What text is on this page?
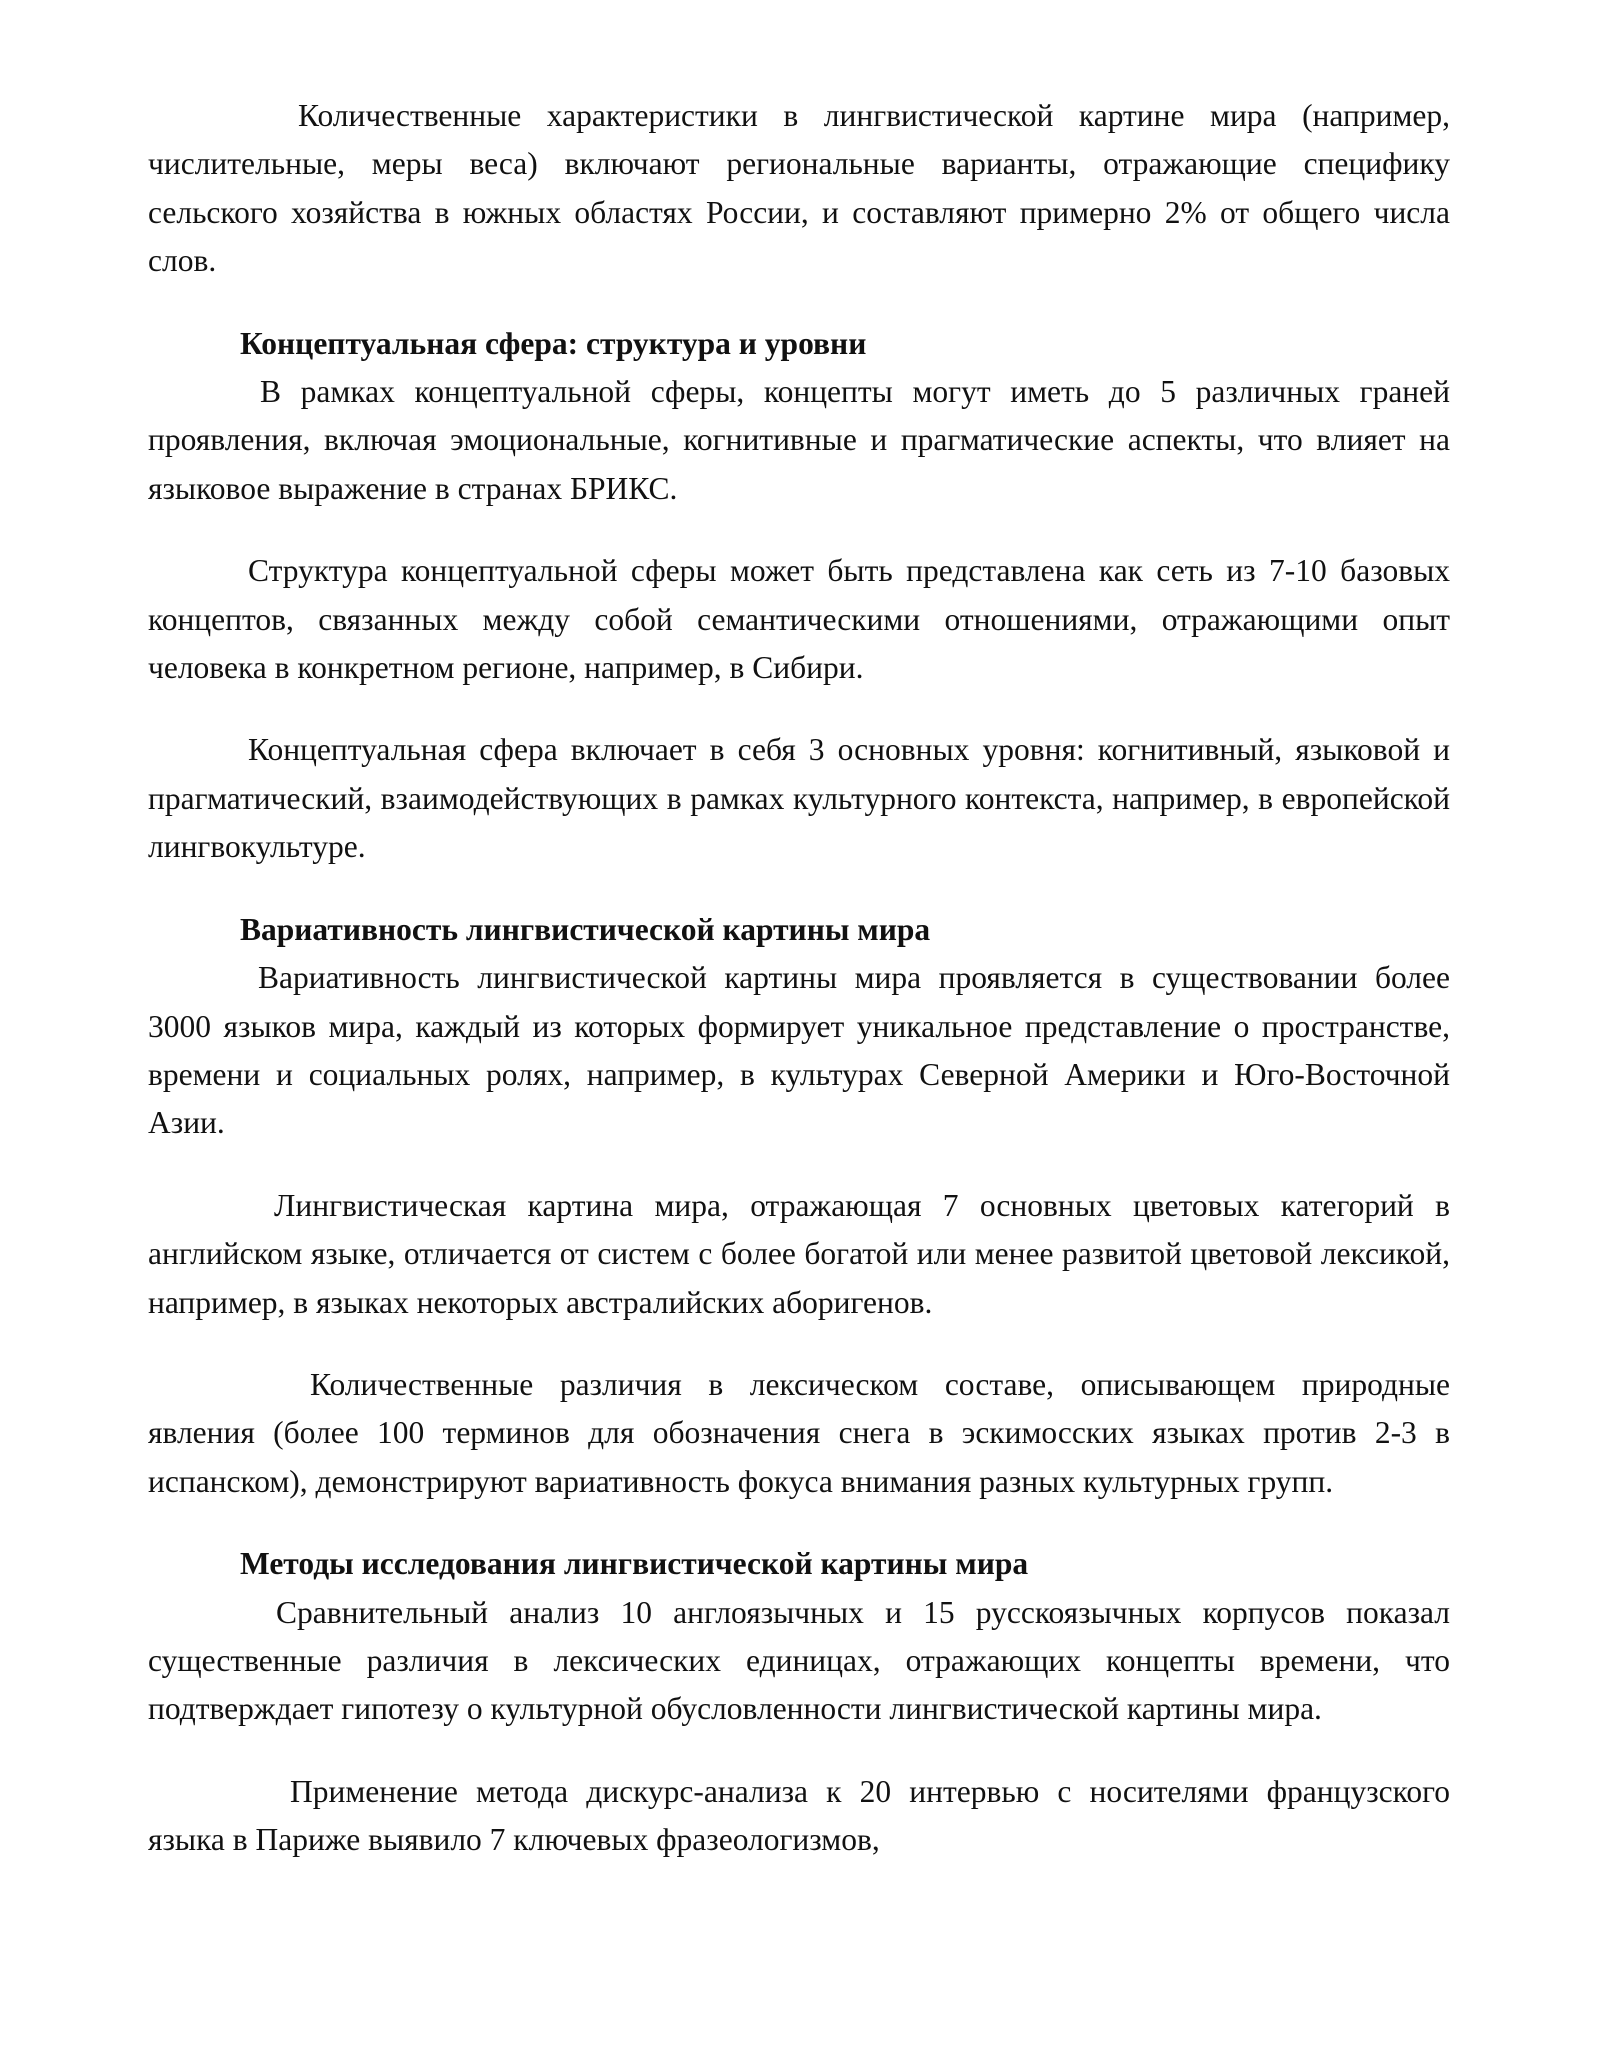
Количественные характеристики в лингвистической картине мира (например, числительные, меры веса) включают региональные варианты, отражающие специфику сельского хозяйства в южных областях России, и составляют примерно 2% от общего числа слов.

Концептуальная сфера: структура и уровни

В рамках концептуальной сферы, концепты могут иметь до 5 различных граней проявления, включая эмоциональные, когнитивные и прагматические аспекты, что влияет на языковое выражение в странах БРИКС.

Структура концептуальной сферы может быть представлена как сеть из 7-10 базовых концептов, связанных между собой семантическими отношениями, отражающими опыт человека в конкретном регионе, например, в Сибири.

Концептуальная сфера включает в себя 3 основных уровня: когнитивный, языковой и прагматический, взаимодействующих в рамках культурного контекста, например, в европейской лингвокультуре.

Вариативность лингвистической картины мира

Вариативность лингвистической картины мира проявляется в существовании более 3000 языков мира, каждый из которых формирует уникальное представление о пространстве, времени и социальных ролях, например, в культурах Северной Америки и Юго-Восточной Азии.

Лингвистическая картина мира, отражающая 7 основных цветовых категорий в английском языке, отличается от систем с более богатой или менее развитой цветовой лексикой, например, в языках некоторых австралийских аборигенов.

Количественные различия в лексическом составе, описывающем природные явления (более 100 терминов для обозначения снега в эскимосских языках против 2-3 в испанском), демонстрируют вариативность фокуса внимания разных культурных групп.

Методы исследования лингвистической картины мира

Сравнительный анализ 10 англоязычных и 15 русскоязычных корпусов показал существенные различия в лексических единицах, отражающих концепты времени, что подтверждает гипотезу о культурной обусловленности лингвистической картины мира.

Применение метода дискурс-анализа к 20 интервью с носителями французского языка в Париже выявило 7 ключевых фразеологизмов,
